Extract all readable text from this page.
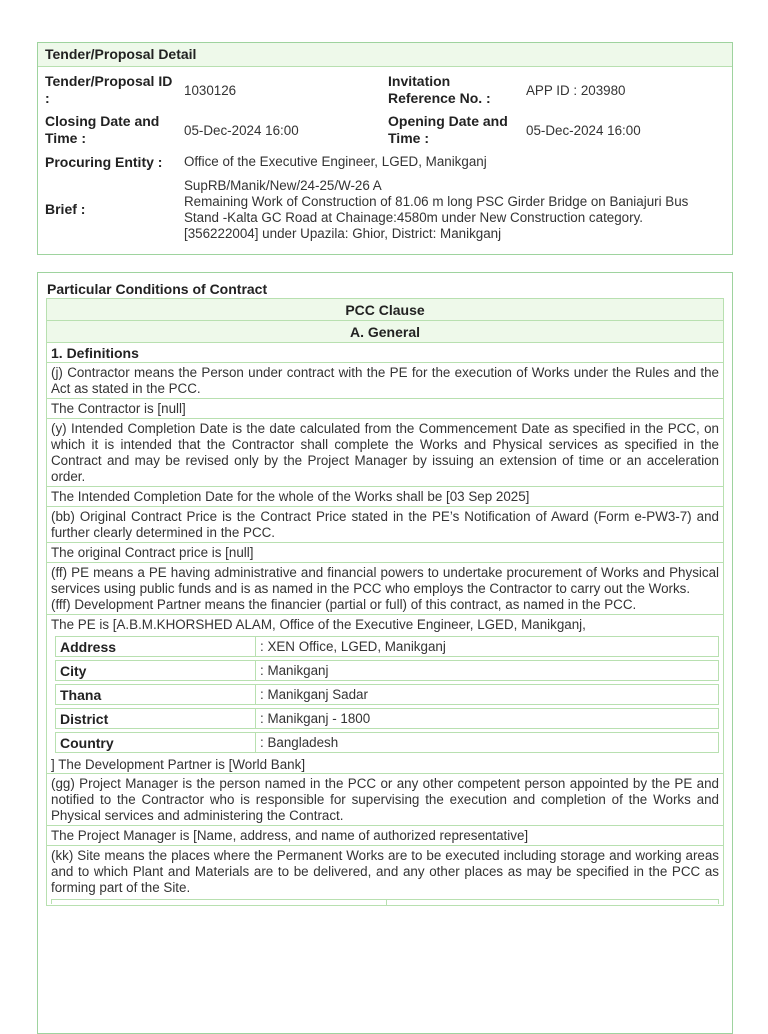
Tender/Proposal Detail
Tender/Proposal ID :	1030126
Invitation Reference No. :	APP ID : 203980
Closing Date and Time :	05-Dec-2024 16:00
Opening Date and Time :	05-Dec-2024 16:00
Procuring Entity : Office of the Executive Engineer, LGED, Manikganj
Brief :
SupRB/Manik/New/24-25/W-26 A
Remaining Work of Construction of 81.06 m long PSC Girder Bridge on Baniajuri Bus
Stand -Kalta GC Road at Chainage:4580m under New Construction category.
[356222004] under Upazila: Ghior, District: Manikganj
Particular Conditions of Contract
PCC Clause
A. General
1. Definitions
(j) Contractor means the Person under contract with the PE for the execution of Works under the Rules and the Act as stated in the PCC.
The Contractor is [null]
(y) Intended Completion Date is the date calculated from the Commencement Date as specified in the PCC, on which it is intended that the Contractor shall complete the Works and Physical services as specified in the Contract and may be revised only by the Project Manager by issuing an extension of time or an acceleration order.
The Intended Completion Date for the whole of the Works shall be [03 Sep 2025]
(bb) Original Contract Price is the Contract Price stated in the PE’s Notification of Award (Form e-PW3-7) and further clearly determined in the PCC.
The original Contract price is [null]
(ff) PE means a PE having administrative and financial powers to undertake procurement of Works and Physical services using public funds and is as named in the PCC who employs the Contractor to carry out the Works.
(fff) Development Partner means the financier (partial or full) of this contract, as named in the PCC.
The PE is [A.B.M.KHORSHED ALAM, Office of the Executive Engineer, LGED, Manikganj,
Address	: XEN Office, LGED, Manikganj
City	: Manikganj
Thana	: Manikganj Sadar
District	: Manikganj - 1800
Country	: Bangladesh
] The Development Partner is [World Bank]
(gg) Project Manager is the person named in the PCC or any other competent person appointed by the PE and notified to the Contractor who is responsible for supervising the execution and completion of the Works and Physical services and administering the Contract.
The Project Manager is [Name, address, and name of authorized representative]
(kk) Site means the places where the Permanent Works are to be executed including storage and working areas and to which Plant and Materials are to be delivered, and any other places as may be specified in the PCC as forming part of the Site.
